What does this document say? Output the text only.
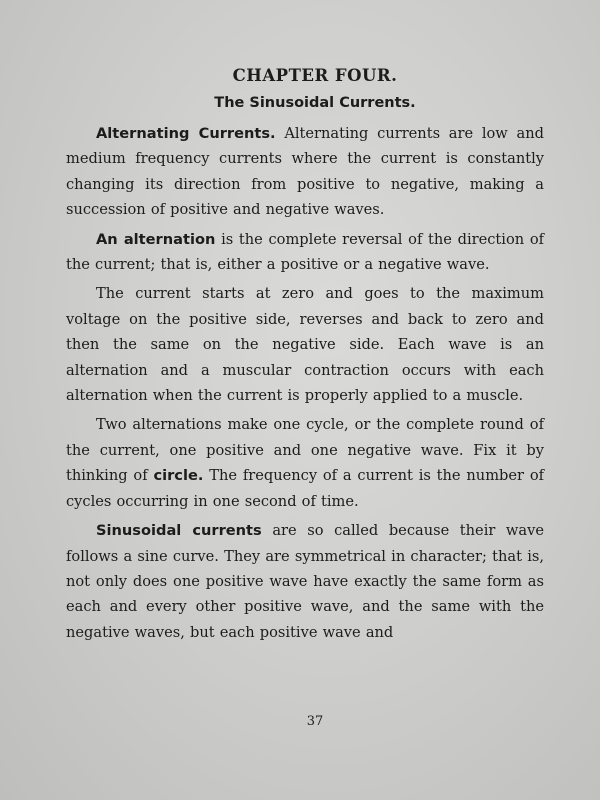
CHAPTER FOUR.
The Sinusoidal Currents.

Alternating Currents. Alternating currents are low and medium frequency currents where the current is constantly changing its direction from positive to negative, making a succession of positive and negative waves.

An alternation is the complete reversal of the direction of the current; that is, either a positive or a negative wave.

The current starts at zero and goes to the maximum voltage on the positive side, reverses and back to zero and then the same on the negative side. Each wave is an alternation and a muscular contraction occurs with each alternation when the current is properly applied to a muscle.

Two alternations make one cycle, or the complete round of the current, one positive and one negative wave. Fix it by thinking of circle. The frequency of a current is the number of cycles occurring in one second of time.

Sinusoidal currents are so called because their wave follows a sine curve. They are symmetrical in character; that is, not only does one positive wave have exactly the same form as each and every other positive wave, and the same with the negative waves, but each positive wave and

37
